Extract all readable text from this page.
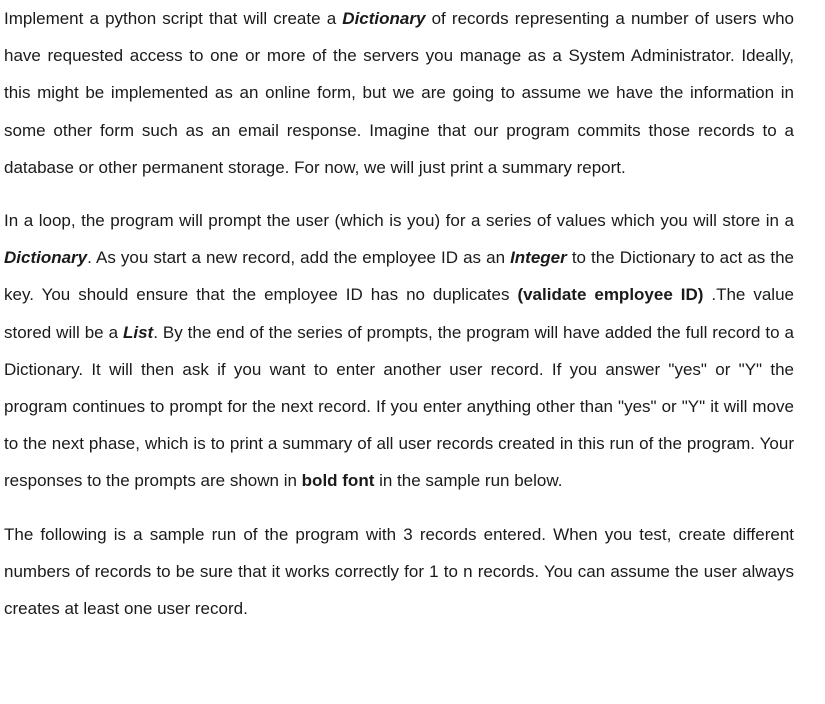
Implement a python script that will create a Dictionary of records representing a number of users who have requested access to one or more of the servers you manage as a System Administrator. Ideally, this might be implemented as an online form, but we are going to assume we have the information in some other form such as an email response. Imagine that our program commits those records to a database or other permanent storage. For now, we will just print a summary report.

In a loop, the program will prompt the user (which is you) for a series of values which you will store in a Dictionary. As you start a new record, add the employee ID as an Integer to the Dictionary to act as the key. You should ensure that the employee ID has no duplicates (validate employee ID) .The value stored will be a List. By the end of the series of prompts, the program will have added the full record to a Dictionary. It will then ask if you want to enter another user record. If you answer "yes" or "Y" the program continues to prompt for the next record. If you enter anything other than "yes" or "Y" it will move to the next phase, which is to print a summary of all user records created in this run of the program. Your responses to the prompts are shown in bold font in the sample run below.

The following is a sample run of the program with 3 records entered. When you test, create different numbers of records to be sure that it works correctly for 1 to n records. You can assume the user always creates at least one user record.
